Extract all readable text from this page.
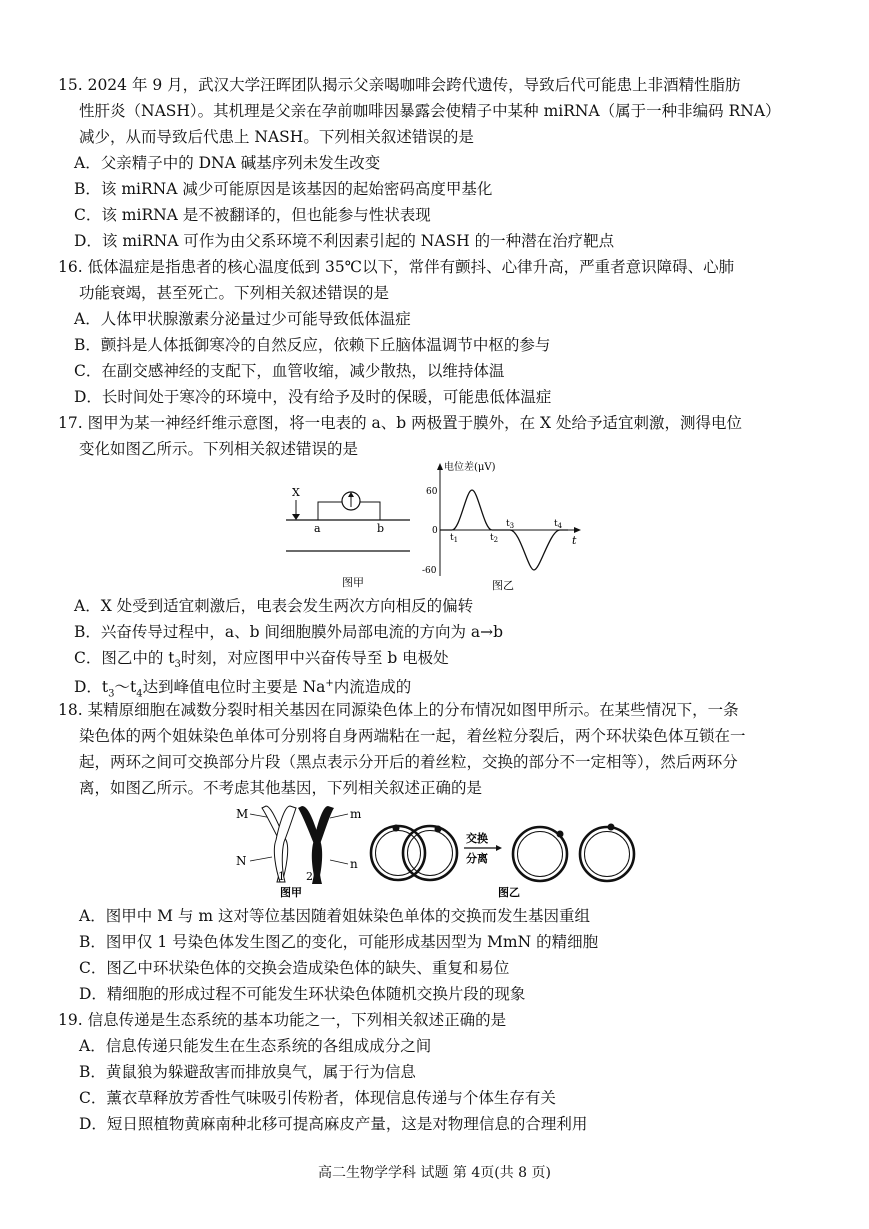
15. 2024 年 9 月，武汉大学汪晖团队揭示父亲喝咖啡会跨代遗传，导致后代可能患上非酒精性脂肪
性肝炎（NASH）。其机理是父亲在孕前咖啡因暴露会使精子中某种 miRNA（属于一种非编码 RNA）
减少，从而导致后代患上 NASH。下列相关叙述错误的是
A．父亲精子中的 DNA 碱基序列未发生改变
B．该 miRNA 减少可能原因是该基因的起始密码高度甲基化
C．该 miRNA 是不被翻译的，但也能参与性状表现
D．该 miRNA 可作为由父系环境不利因素引起的 NASH 的一种潜在治疗靶点
16. 低体温症是指患者的核心温度低到 35℃以下，常伴有颤抖、心律升高，严重者意识障碍、心肺
功能衰竭，甚至死亡。下列相关叙述错误的是
A．人体甲状腺激素分泌量过少可能导致低体温症
B．颤抖是人体抵御寒冷的自然反应，依赖下丘脑体温调节中枢的参与
C．在副交感神经的支配下，血管收缩，减少散热，以维持体温
D．长时间处于寒冷的环境中，没有给予及时的保暖，可能患低体温症
17. 图甲为某一神经纤维示意图，将一电表的 a、b 两极置于膜外，在 X 处给予适宜刺激，测得电位
变化如图乙所示。下列相关叙述错误的是
X
a	b
图甲
电位差(μV)
t
60
0
-60
$t_1$	$t_2$
$t_3$	$t_4$
图乙
A．X 处受到适宜刺激后，电表会发生两次方向相反的偏转
B．兴奋传导过程中，a、b 间细胞膜外局部电流的方向为 a→b
C．图乙中的 $t_3$时刻，对应图甲中兴奋传导至 b 电极处
D．$t_3\sim t_4$达到峰值电位时主要是 Na+内流造成的
18. 某精原细胞在减数分裂时相关基因在同源染色体上的分布情况如图甲所示。在某些情况下，一条
染色体的两个姐妹染色单体可分别将自身两端粘在一起，着丝粒分裂后，两个环状染色体互锁在一
起，两环之间可交换部分片段（黑点表示分开后的着丝粒，交换的部分不一定相等），然后两环分
离，如图乙所示。不考虑其他基因，下列相关叙述正确的是
M
N
m
n
1 2
图甲
交换
分离
图乙
A．图甲中 M 与 m 这对等位基因随着姐妹染色单体的交换而发生基因重组
B．图甲仅 1 号染色体发生图乙的变化，可能形成基因型为 MmN 的精细胞
C．图乙中环状染色体的交换会造成染色体的缺失、重复和易位
D．精细胞的形成过程不可能发生环状染色体随机交换片段的现象
19. 信息传递是生态系统的基本功能之一，下列相关叙述正确的是
A．信息传递只能发生在生态系统的各组成成分之间
B．黄鼠狼为躲避敌害而排放臭气，属于行为信息
C．薰衣草释放芳香性气味吸引传粉者，体现信息传递与个体生存有关
D．短日照植物黄麻南种北移可提高麻皮产量，这是对物理信息的合理利用
高二生物学学科 试题 第 4页(共 8 页)
